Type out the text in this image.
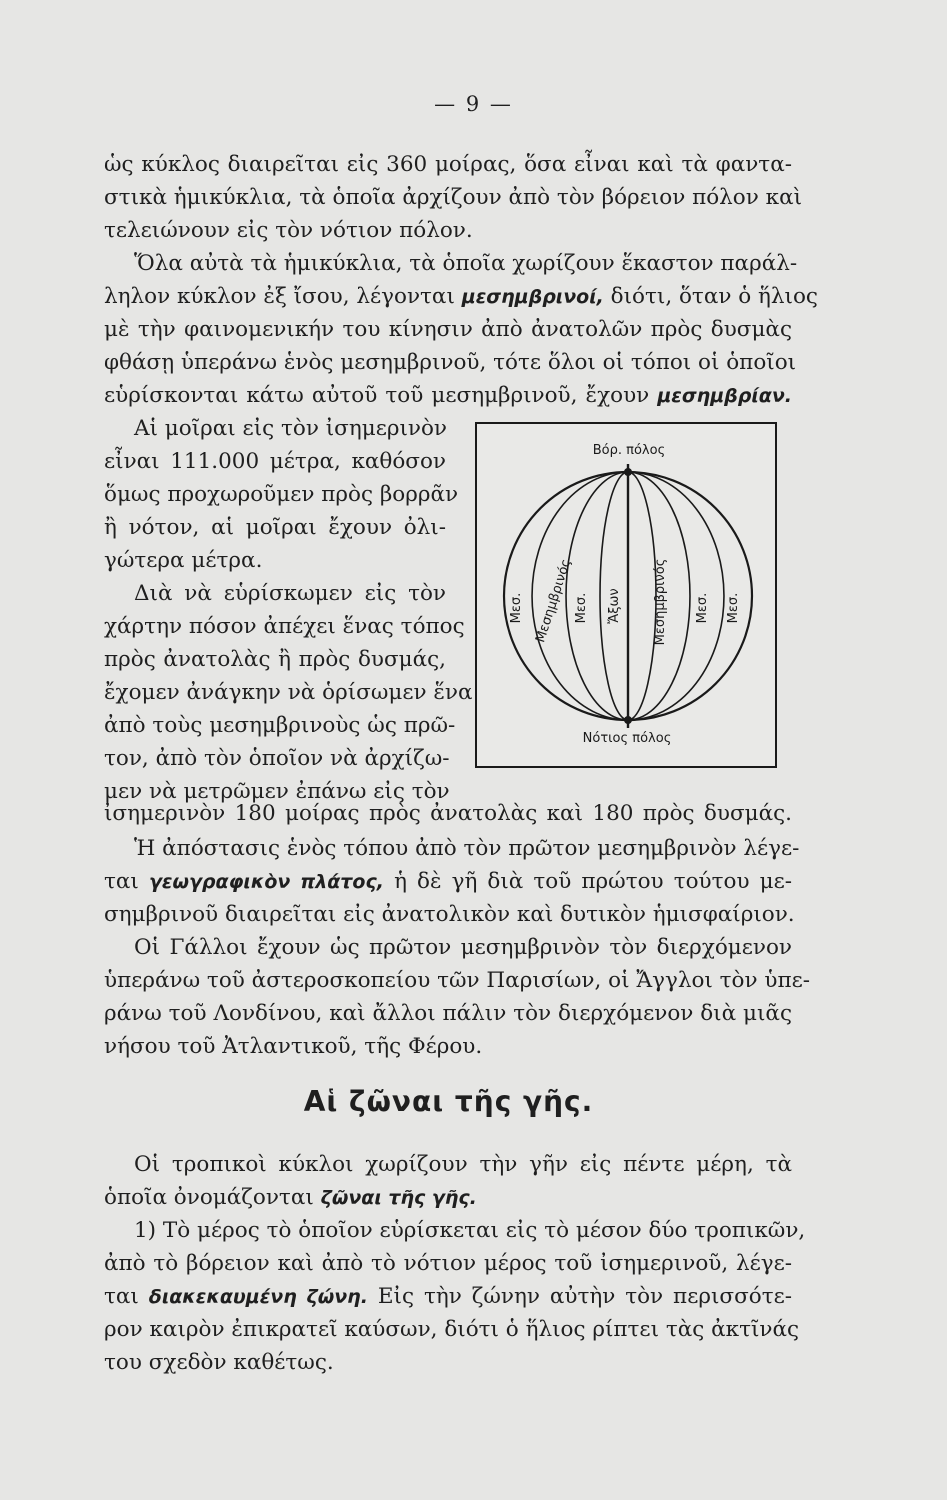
— 9 —
ὡς κύκλος διαιρεῖται εἰς 360 μοίρας, ὅσα εἶναι καὶ τὰ φαντα-
στικὰ ἡμικύκλια, τὰ ὁποῖα ἀρχίζουν ἀπὸ τὸν βόρειον πόλον καὶ
τελειώνουν εἰς τὸν νότιον πόλον.
Ὅλα αὐτὰ τὰ ἡμικύκλια, τὰ ὁποῖα χωρίζουν ἕκαστον παράλ-
ληλον κύκλον ἐξ ἴσου, λέγονται μεσημβρινοί, διότι, ὅταν ὁ ἥλιος
μὲ τὴν φαινομενικήν του κίνησιν ἀπὸ ἀνατολῶν πρὸς δυσμὰς
φθάσῃ ὑπεράνω ἑνὸς μεσημβρινοῦ, τότε ὅλοι οἱ τόποι οἱ ὁποῖοι
εὑρίσκονται κάτω αὐτοῦ τοῦ μεσημβρινοῦ, ἔχουν μεσημβρίαν.
Αἱ μοῖραι εἰς τὸν ἰσημερινὸν
εἶναι 111.000 μέτρα, καθόσον
ὅμως προχωροῦμεν πρὸς βορρᾶν
ἢ νότον, αἱ μοῖραι ἔχουν ὀλι-
γώτερα μέτρα.
Διὰ νὰ εὑρίσκωμεν εἰς τὸν
χάρτην πόσον ἀπέχει ἕνας τόπος
πρὸς ἀνατολὰς ἢ πρὸς δυσμάς,
ἔχομεν ἀνάγκην νὰ ὁρίσωμεν ἕνα
ἀπὸ τοὺς μεσημβρινοὺς ὡς πρῶ-
τον, ἀπὸ τὸν ὁποῖον νὰ ἀρχίζω-
μεν νὰ μετρῶμεν ἐπάνω εἰς τὸν
Βόρ. πόλος
Νότιος πόλος
Μεσ. Μεσημβρινός Μεσ. Ἄξων Μεσημβρινός Μεσ. Μεσ.
ἰσημερινὸν 180 μοίρας πρὸς ἀνατολὰς καὶ 180 πρὸς δυσμάς.
Ἡ ἀπόστασις ἑνὸς τόπου ἀπὸ τὸν πρῶτον μεσημβρινὸν λέγε-
ται γεωγραφικὸν πλάτος, ἡ δὲ γῆ διὰ τοῦ πρώτου τούτου με-
σημβρινοῦ διαιρεῖται εἰς ἀνατολικὸν καὶ δυτικὸν ἡμισφαίριον.
Οἱ Γάλλοι ἔχουν ὡς πρῶτον μεσημβρινὸν τὸν διερχόμενον
ὑπεράνω τοῦ ἀστεροσκοπείου τῶν Παρισίων, οἱ Ἄγγλοι τὸν ὑπε-
ράνω τοῦ Λονδίνου, καὶ ἄλλοι πάλιν τὸν διερχόμενον διὰ μιᾶς
νήσου τοῦ Ἀτλαντικοῦ, τῆς Φέρου.
Αἱ ζῶναι τῆς γῆς.
Οἱ τροπικοὶ κύκλοι χωρίζουν τὴν γῆν εἰς πέντε μέρη, τὰ
ὁποῖα ὀνομάζονται ζῶναι τῆς γῆς.
1) Τὸ μέρος τὸ ὁποῖον εὑρίσκεται εἰς τὸ μέσον δύο τροπικῶν,
ἀπὸ τὸ βόρειον καὶ ἀπὸ τὸ νότιον μέρος τοῦ ἰσημερινοῦ, λέγε-
ται διακεκαυμένη ζώνη. Εἰς τὴν ζώνην αὐτὴν τὸν περισσότε-
ρον καιρὸν ἐπικρατεῖ καύσων, διότι ὁ ἥλιος ρίπτει τὰς ἀκτῖνάς
του σχεδὸν καθέτως.
